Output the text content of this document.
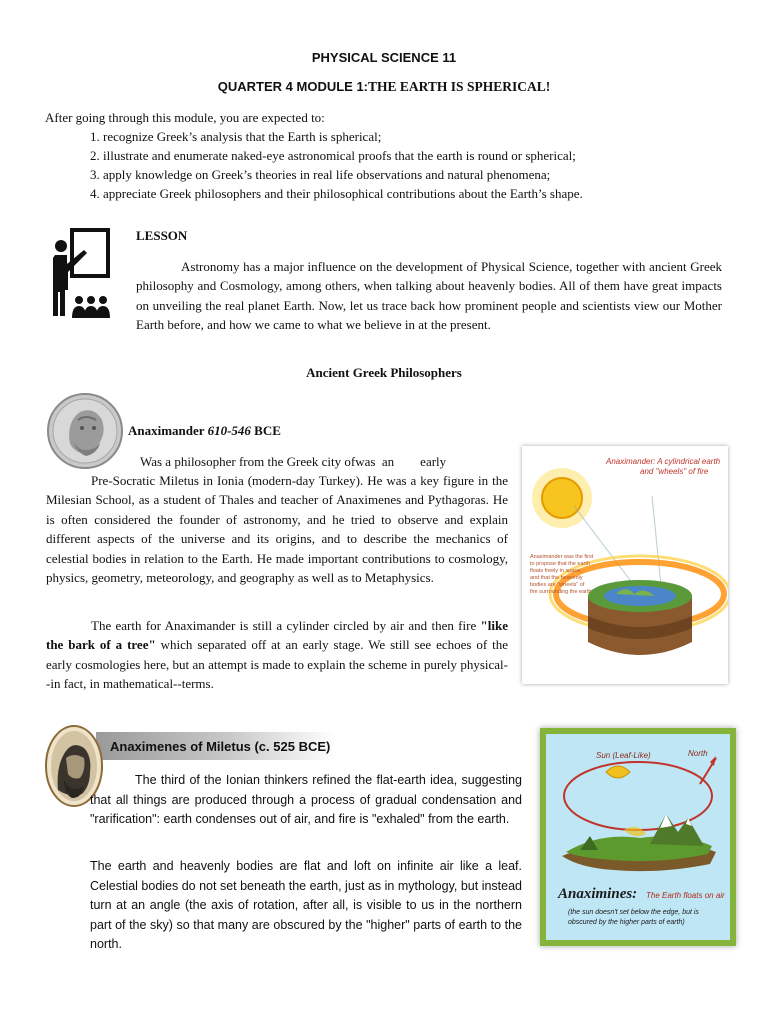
PHYSICAL SCIENCE 11
QUARTER 4 MODULE 1:THE EARTH IS SPHERICAL!
After going through this module, you are expected to:
1. recognize Greek’s analysis that the Earth is spherical;
2. illustrate and enumerate naked-eye astronomical proofs that the earth is round or spherical;
3. apply knowledge on Greek’s theories in real life observations and natural phenomena;
4. appreciate Greek philosophers and their philosophical contributions about the Earth’s shape.
LESSON
Astronomy has a major influence on the development of Physical Science, together with ancient Greek philosophy and Cosmology, among others, when talking about heavenly bodies. All of them have great impacts on unveiling the real planet Earth. Now, let us trace back how prominent people and scientists view our Mother Earth before, and how we came to what we believe in at the present.
Ancient Greek Philosophers
Anaximander 610-546 BCE
Was a philosopher from the Greek city ofwas  an        early
Pre-Socratic Miletus in Ionia (modern-day Turkey). He was a key figure in the Milesian School, as a student of Thales and teacher of Anaximenes and Pythagoras. He is often considered the founder of astronomy, and he tried to observe and explain different aspects of the universe and its origins, and to describe the mechanics of celestial bodies in relation to the Earth. He made important contributions to cosmology, physics, geometry, meteorology, and geography as well as to Metaphysics.
The earth for Anaximander is still a cylinder circled by air and then fire "like the bark of a tree" which separated off at an early stage. We still see echoes of the early cosmologies here, but an attempt is made to explain the scheme in purely physical--in fact, in mathematical--terms.
Anaximander: A cylindrical earth
and "wheels" of fire
Anaximander was the first
to propose that the earth
floats freely in space,
and that the heavenly
bodies are "wheels" of
fire surrounding the earth
Anaximenes of Miletus (c. 525 BCE)
The third of the Ionian thinkers refined the flat-earth idea, suggesting that all things are produced through a process of gradual condensation and "rarification": earth condenses out of air, and fire is "exhaled" from the earth.
The earth and heavenly bodies are flat and loft on infinite air like a leaf. Celestial bodies do not set beneath the earth, just as in mythology, but instead turn at an angle (the axis of rotation, after all, is visible to us in the northern part of the sky) so that many are obscured by the "higher" parts of earth to the north.
Sun (Leaf-Like)	North
Anaximines: The Earth floats on air
(the sun doesn't set below the edge, but is
obscured by the higher parts of earth)
